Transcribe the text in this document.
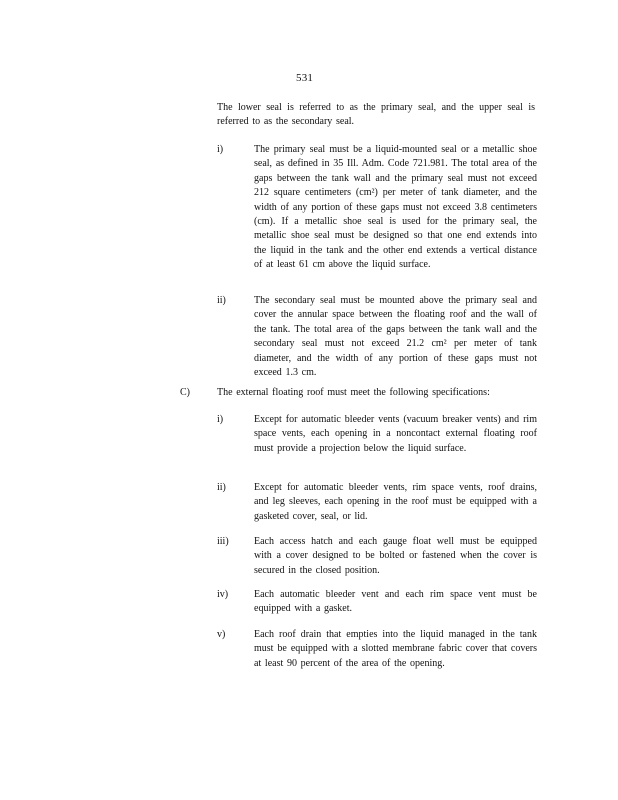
531

The lower seal is referred to as the primary seal, and the upper seal is referred to as the secondary seal.

i)	The primary seal must be a liquid-mounted seal or a metallic shoe seal, as defined in 35 Ill. Adm. Code 721.981. The total area of the gaps between the tank wall and the primary seal must not exceed 212 square centimeters (cm²) per meter of tank diameter, and the width of any portion of these gaps must not exceed 3.8 centimeters (cm). If a metallic shoe seal is used for the primary seal, the metallic shoe seal must be designed so that one end extends into the liquid in the tank and the other end extends a vertical distance of at least 61 cm above the liquid surface.

ii)	The secondary seal must be mounted above the primary seal and cover the annular space between the floating roof and the wall of the tank. The total area of the gaps between the tank wall and the secondary seal must not exceed 21.2 cm² per meter of tank diameter, and the width of any portion of these gaps must not exceed 1.3 cm.

C)	The external floating roof must meet the following specifications:

i)	Except for automatic bleeder vents (vacuum breaker vents) and rim space vents, each opening in a noncontact external floating roof must provide a projection below the liquid surface.

ii)	Except for automatic bleeder vents, rim space vents, roof drains, and leg sleeves, each opening in the roof must be equipped with a gasketed cover, seal, or lid.

iii)	Each access hatch and each gauge float well must be equipped with a cover designed to be bolted or fastened when the cover is secured in the closed position.

iv)	Each automatic bleeder vent and each rim space vent must be equipped with a gasket.

v)	Each roof drain that empties into the liquid managed in the tank must be equipped with a slotted membrane fabric cover that covers at least 90 percent of the area of the opening.
